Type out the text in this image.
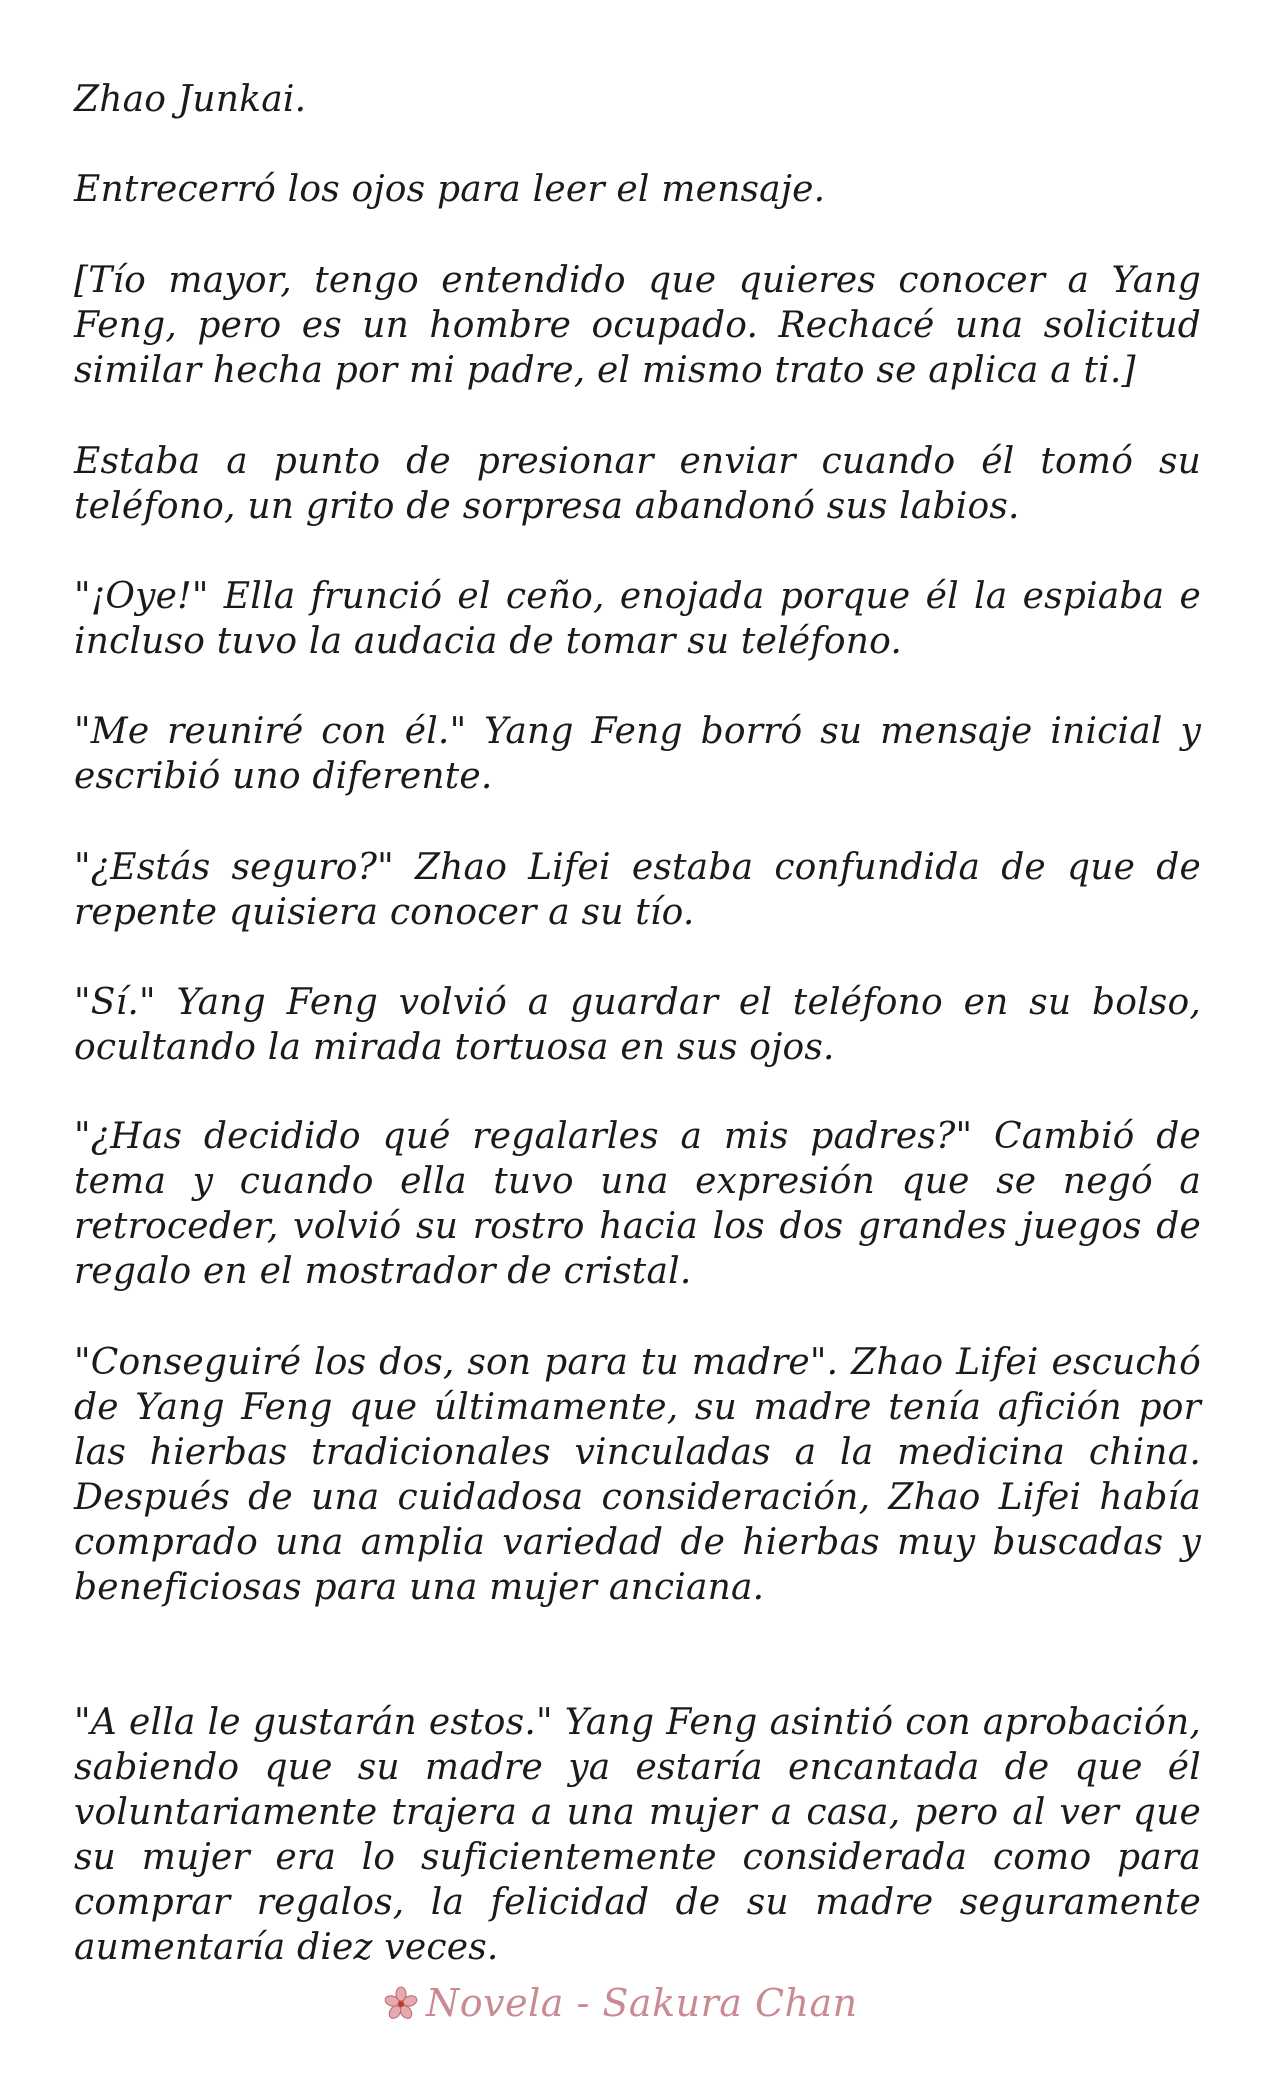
Zhao Junkai.

Entrecerró los ojos para leer el mensaje.

[Tío mayor, tengo entendido que quieres conocer a Yang Feng, pero es un hombre ocupado. Rechacé una solicitud similar hecha por mi padre, el mismo trato se aplica a ti.]

Estaba a punto de presionar enviar cuando él tomó su teléfono, un grito de sorpresa abandonó sus labios.

"¡Oye!" Ella frunció el ceño, enojada porque él la espiaba e incluso tuvo la audacia de tomar su teléfono.

"Me reuniré con él." Yang Feng borró su mensaje inicial y escribió uno diferente.

"¿Estás seguro?" Zhao Lifei estaba confundida de que de repente quisiera conocer a su tío.

"Sí." Yang Feng volvió a guardar el teléfono en su bolso, ocultando la mirada tortuosa en sus ojos.

"¿Has decidido qué regalarles a mis padres?" Cambió de tema y cuando ella tuvo una expresión que se negó a retroceder, volvió su rostro hacia los dos grandes juegos de regalo en el mostrador de cristal.

"Conseguiré los dos, son para tu madre". Zhao Lifei escuchó de Yang Feng que últimamente, su madre tenía afición por las hierbas tradicionales vinculadas a la medicina china. Después de una cuidadosa consideración, Zhao Lifei había comprado una amplia variedad de hierbas muy buscadas y beneficiosas para una mujer anciana.

"A ella le gustarán estos." Yang Feng asintió con aprobación, sabiendo que su madre ya estaría encantada de que él voluntariamente trajera a una mujer a casa, pero al ver que su mujer era lo suficientemente considerada como para comprar regalos, la felicidad de su madre seguramente aumentaría diez veces.

Novela - Sakura Chan
